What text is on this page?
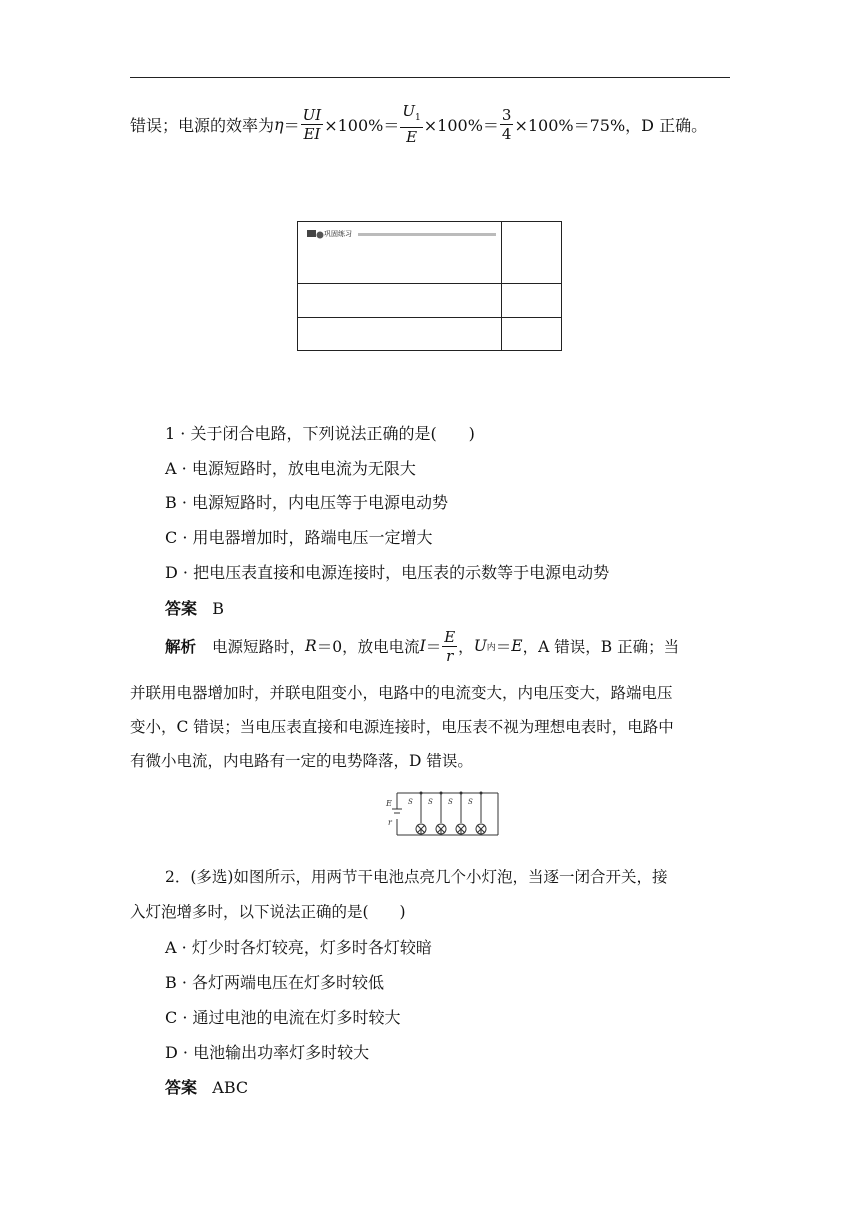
错误；电源的效率为 $\eta = \frac{UI}{EI} \times 100\%= \frac{U_1}{E} \times 100\%= \frac{3}{4} \times 100\%=75\%$，D 正确。
巩固练习
1 · 关于闭合电路，下列说法正确的是(　　)
A · 电源短路时，放电电流为无限大
B · 电源短路时，内电压等于电源电动势
C · 用电器增加时，路端电压一定增大
D · 把电压表直接和电源连接时，电压表的示数等于电源电动势
答案 B
解析 电源短路时， R ＝0，放电电流 $I = \frac{E}{r}$ ， U 内 ＝ E ，A 错误，B 正确；当
并联用电器增加时，并联电阻变小，电路中的电流变大，内电压变大，路端电压
变小，C 错误；当电压表直接和电源连接时，电压表不视为理想电表时，电路中
有微小电流，内电路有一定的电势降落，D 错误。
E
r
S S S S
2．(多选)如图所示，用两节干电池点亮几个小灯泡，当逐一闭合开关，接
入灯泡增多时，以下说法正确的是(　　)
A · 灯少时各灯较亮，灯多时各灯较暗
B · 各灯两端电压在灯多时较低
C · 通过电池的电流在灯多时较大
D · 电池输出功率灯多时较大
答案 ABC
